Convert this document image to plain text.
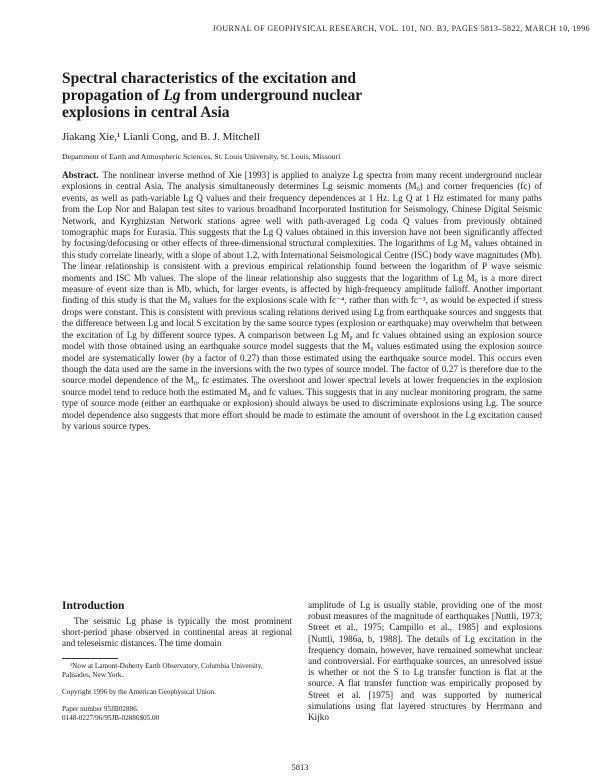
JOURNAL OF GEOPHYSICAL RESEARCH, VOL. 101, NO. B3, PAGES 5813–5822, MARCH 10, 1996
Spectral characteristics of the excitation and propagation of Lg from underground nuclear explosions in central Asia
Jiakang Xie,¹ Lianli Cong, and B. J. Mitchell
Department of Earth and Atmospheric Sciences, St. Louis University, St. Louis, Missouri

Abstract. The nonlinear inverse method of Xie [1993] is applied to analyze Lg spectra from many recent underground nuclear explosions in central Asia. The analysis simultaneously determines Lg seismic moments (M₀) and corner frequencies (fc) of events, as well as path-variable Lg Q values and their frequency dependences at 1 Hz. Lg Q at 1 Hz estimated for many paths from the Lop Nor and Balapan test sites to various broadband Incorporated Institution for Seismology, Chinese Digital Seismic Network, and Kyrghizstan Network stations agree well with path-averaged Lg coda Q values from previously obtained tomographic maps for Eurasia. This suggests that the Lg Q values obtained in this inversion have not been significantly affected by focusing/defocusing or other effects of three-dimensional structural complexities. The logarithms of Lg M₀ values obtained in this study correlate linearly, with a slope of about 1.2, with International Seismological Centre (ISC) body wave magnitudes (Mb). The linear relationship is consistent with a previous empirical relationship found between the logarithm of P wave seismic moments and ISC Mb values. The slope of the linear relationship also suggests that the logarithm of Lg M₀ is a more direct measure of event size than is Mb, which, for larger events, is affected by high-frequency amplitude falloff. Another important finding of this study is that the M₀ values for the explosions scale with fc⁻⁴, rather than with fc⁻³, as would be expected if stress drops were constant. This is consistent with previous scaling relations derived using Lg from earthquake sources and suggests that the difference between Lg and local S excitation by the same source types (explosion or earthquake) may overwhelm that between the excitation of Lg by different source types. A comparison between Lg M₀ and fc values obtained using an explosion source model with those obtained using an earthquake source model suggests that the M₀ values estimated using the explosion source model are systematically lower (by a factor of 0.27) than those estimated using the earthquake source model. This occurs even though the data used are the same in the inversions with the two types of source model. The factor of 0.27 is therefore due to the source model dependence of the M₀, fc estimates. The overshoot and lower spectral levels at lower frequencies in the explosion source model tend to reduce both the estimated M₀ and fc values. This suggests that in any nuclear monitoring program, the same type of source mode (either an earthquake or explosion) should always be used to discriminate explosions using Lg. The source model dependence also suggests that more effort should be made to estimate the amount of overshoot in the Lg excitation caused by various source types.

Introduction

The seismic Lg phase is typically the most prominent short-period phase observed in continental areas at regional and teleseismic distances. The time domain

¹Now at Lamont-Doherty Earth Observatory, Columbia University, Palisades, New York.

Copyright 1996 by the American Geophysical Union.

Paper number 95JB02886.

0148-0227/96/95JB-02886$05.00

amplitude of Lg is usually stable, providing one of the most robust measures of the magnitude of earthquakes [Nuttli, 1973; Street et al., 1975; Campillo et al., 1985] and explosions [Nuttli, 1986a, b, 1988]. The details of Lg excitation in the frequency domain, however, have remained somewhat unclear and controversial. For earthquake sources, an unresolved issue is whether or not the S to Lg transfer function is flat at the source. A flat transfer function was empirically proposed by Street et al. [1975] and was supported by numerical simulations using flat layered structures by Herrmann and Kijko

5813
